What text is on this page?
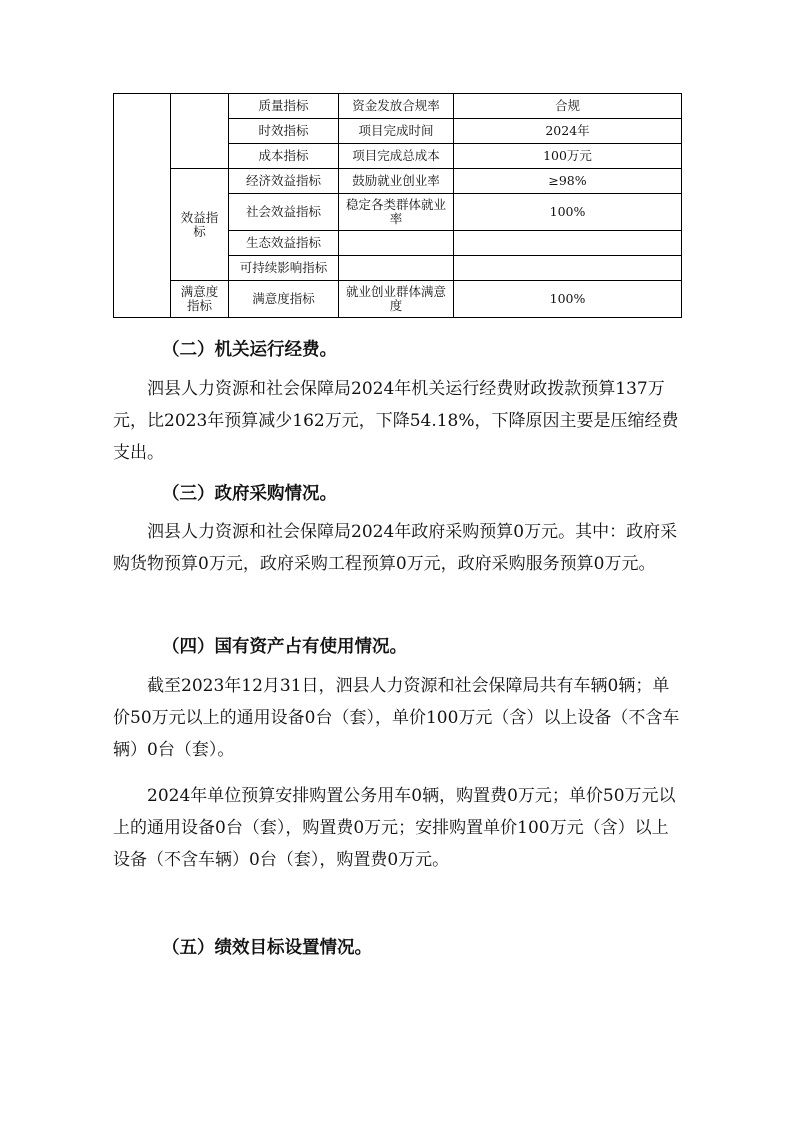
		质量指标	资金发放合规率	合规
		时效指标	项目完成时间	2024年
		成本指标	项目完成总成本	100万元
	效益指标	经济效益指标	鼓励就业创业率	≥98%
		社会效益指标	稳定各类群体就业率	100%
		生态效益指标		
		可持续影响指标		
	满意度指标	满意度指标	就业创业群体满意度	100%
（二）机关运行经费。

泗县人力资源和社会保障局2024年机关运行经费财政拨款预算137万元，比2023年预算减少162万元，下降54.18%，下降原因主要是压缩经费支出。

（三）政府采购情况。

泗县人力资源和社会保障局2024年政府采购预算0万元。其中：政府采购货物预算0万元，政府采购工程预算0万元，政府采购服务预算0万元。

（四）国有资产占有使用情况。

截至2023年12月31日，泗县人力资源和社会保障局共有车辆0辆；单价50万元以上的通用设备0台（套），单价100万元（含）以上设备（不含车辆）0台（套）。

2024年单位预算安排购置公务用车0辆，购置费0万元；单价50万元以上的通用设备0台（套），购置费0万元；安排购置单价100万元（含）以上设备（不含车辆）0台（套），购置费0万元。

（五）绩效目标设置情况。
